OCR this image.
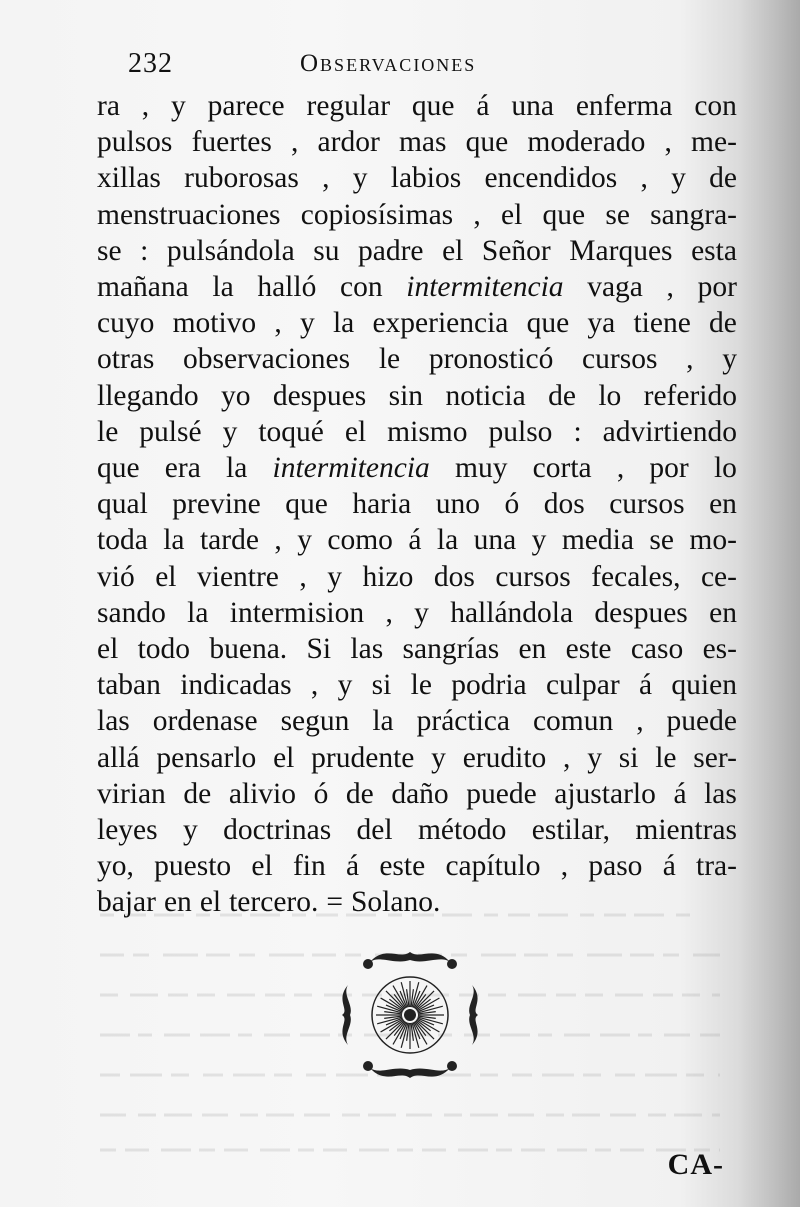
232	Observaciones
ra , y parece regular que á una enferma con
pulsos fuertes , ardor mas que moderado , me-
xillas ruborosas , y labios encendidos , y de
menstruaciones copiosísimas , el que se sangra-
se : pulsándola su padre el Señor Marques esta
mañana la halló con intermitencia vaga , por
cuyo motivo , y la experiencia que ya tiene de
otras observaciones le pronosticó cursos , y
llegando yo despues sin noticia de lo referido
le pulsé y toqué el mismo pulso : advirtiendo
que era la intermitencia muy corta , por lo
qual previne que haria uno ó dos cursos en
toda la tarde , y como á la una y media se mo-
vió el vientre , y hizo dos cursos fecales, ce-
sando la intermision , y hallándola despues en
el todo buena. Si las sangrías en este caso es-
taban indicadas , y si le podria culpar á quien
las ordenase segun la práctica comun , puede
allá pensarlo el prudente y erudito , y si le ser-
virian de alivio ó de daño puede ajustarlo á las
leyes y doctrinas del método estilar, mientras
yo, puesto el fin á este capítulo , paso á tra-
bajar en el tercero. = Solano.
CA-
